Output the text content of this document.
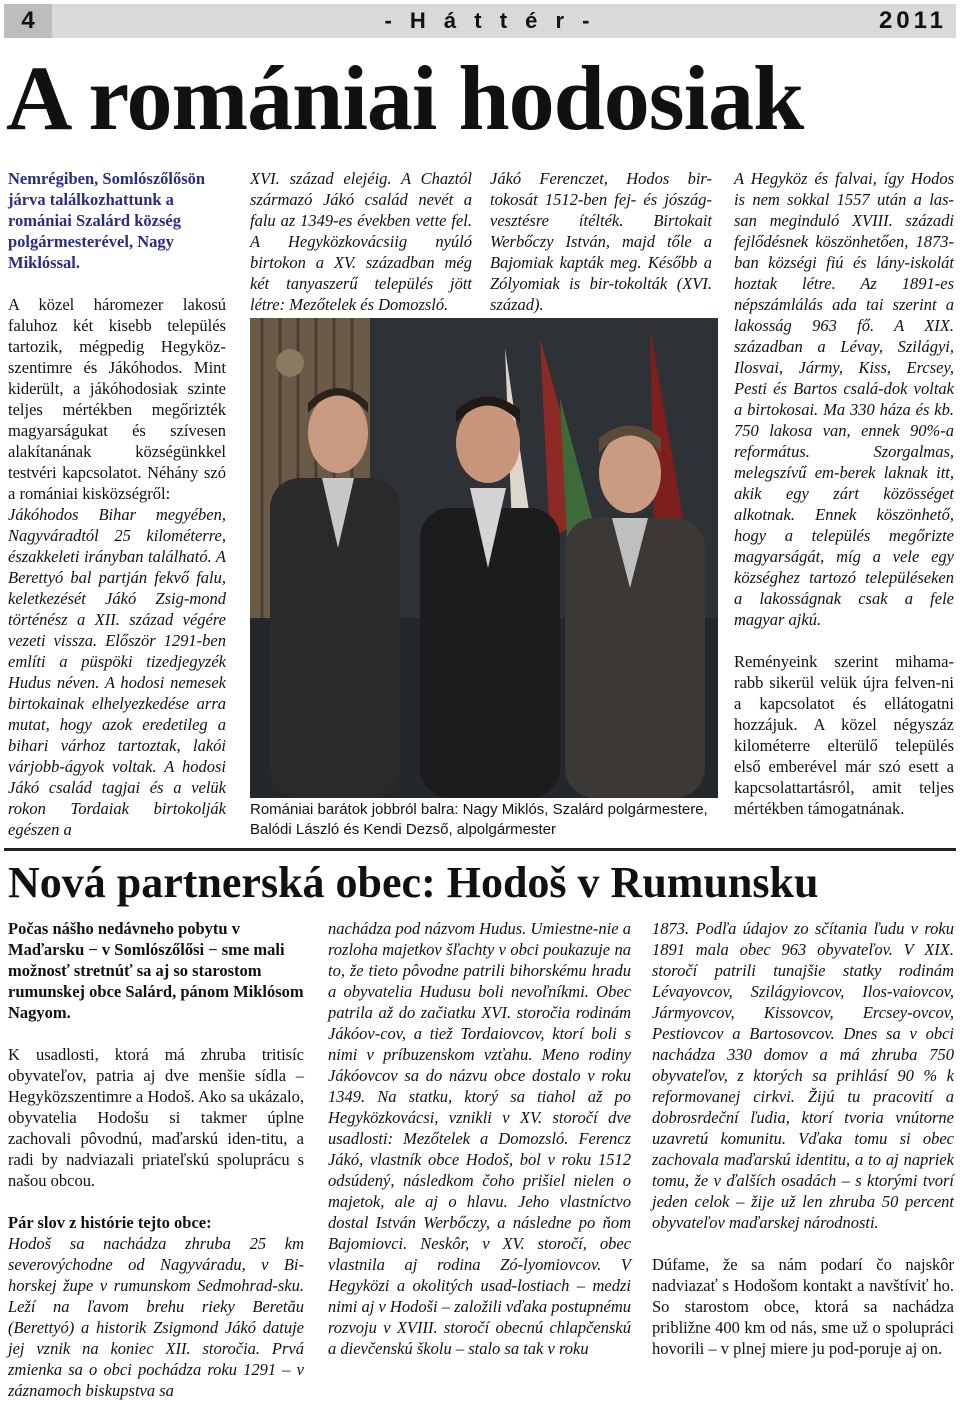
4	- H á t t é r -	2011
A romániai hodosiak

Nemrégiben, Somlószőlősön járva találkozhattunk a romániai Szalárd község polgármesterével, Nagy Miklóssal.

A közel háromezer lakosú faluhoz két kisebb település tartozik, mégpedig Hegyköz-szentimre és Jákóhodos. Mint kiderült, a jákóhodosiak szinte teljes mértékben megőrizték magyarságukat és szívesen alakítanának községünkkel testvéri kapcsolatot. Néhány szó a romániai kisközségről:

Jákóhodos Bihar megyében, Nagyváradtól 25 kilométerre, északkeleti irányban található. A Berettyó bal partján fekvő falu, keletkezését Jákó Zsig-mond történész a XII. század végére vezeti vissza. Először 1291-ben említi a püspöki tizedjegyzék Hudus néven. A hodosi nemesek birtokainak elhelyezkedése arra mutat, hogy azok eredetileg a bihari várhoz tartoztak, lakói várjobb-ágyok voltak. A hodosi Jákó család tagjai és a velük rokon Tordaiak birtokolják egészen a

XVI. század elejéig. A Chaztól származó Jákó család nevét a falu az 1349-es években vette fel. A Hegyközkovácsiig nyúló birtokon a XV. században még két tanyaszerű település jött létre: Mezőtelek és Domozsló.

Jákó Ferenczet, Hodos bir-tokosát 1512-ben fej- és jószág-vesztésre ítélték. Birtokait Werbőczy István, majd tőle a Bajomiak kapták meg. Később a Zólyomiak is bir-tokolták (XVI. század).

A Hegyköz és falvai, így Hodos is nem sokkal 1557 után a las-san meginduló XVIII. századi fejlődésnek köszönhetően, 1873-ban községi fiú és lány-iskolát hoztak létre. Az 1891-es népszámlálás ada tai szerint a lakosság 963 fő. A XIX. században a Lévay, Szilágyi, Ilosvai, Jármy, Kiss, Ercsey, Pesti és Bartos csalá-dok voltak a birtokosai. Ma 330 háza és kb. 750 lakosa van, ennek 90%-a református. Szorgalmas, melegszívű em-berek laknak itt, akik egy zárt közösséget alkotnak. Ennek köszönhető, hogy a település megőrizte magyarságát, míg a vele egy községhez tartozó településeken a lakosságnak csak a fele magyar ajkú.

Reményeink szerint mihama-rabb sikerül velük újra felven-ni a kapcsolatot és ellátogatni hozzájuk. A közel négyszáz kilométerre elterülő település első emberével már szó esett a kapcsolattartásról, amit teljes mértékben támogatnának.

Romániai barátok jobbról balra: Nagy Miklós, Szalárd polgármestere, Balódi László és Kendi Dezső, alpolgármester
Nová partnerská obec: Hodoš v Rumunsku

Počas nášho nedávneho pobytu v Maďarsku − v Somlószőlősi − sme mali možnosť stretnúť sa aj so starostom rumunskej obce Salárd, pánom Miklósom Nagyom.

K usadlosti, ktorá má zhruba tritisíc obyvateľov, patria aj dve menšie sídla – Hegyközszentimre a Hodoš. Ako sa ukázalo, obyvatelia Hodošu si takmer úplne zachovali pôvodnú, maďarskú iden-titu, a radi by nadviazali priateľskú spoluprácu s našou obcou.

Pár slov z histórie tejto obce:

Hodoš sa nachádza zhruba 25 km severovýchodne od Nagyváradu, v Bi-horskej župe v rumunskom Sedmohrad-sku. Leží na ľavom brehu rieky Beretău (Berettyó) a historik Zsigmond Jákó datuje jej vznik na koniec XII. storočia. Prvá zmienka sa o obci pochádza roku 1291 – v záznamoch biskupstva sa

nachádza pod názvom Hudus. Umiestne-nie a rozloha majetkov šľachty v obci poukazuje na to, že tieto pôvodne patrili bihorskému hradu a obyvatelia Hudusu boli nevoľníkmi. Obec patrila až do začiatku XVI. storočia rodinám Jákóov-cov, a tiež Tordaiovcov, ktorí boli s nimi v príbuzenskom vzťahu. Meno rodiny Jákóovcov sa do názvu obce dostalo v roku 1349. Na statku, ktorý sa tiahol až po Hegyközkovácsi, vznikli v XV. storočí dve usadlosti: Mezőtelek a Domozsló. Ferencz Jákó, vlastník obce Hodoš, bol v roku 1512 odsúdený, následkom čoho prišiel nielen o majetok, ale aj o hlavu. Jeho vlastníctvo dostal István Werbőczy, a následne po ňom Bajomiovci. Neskôr, v XV. storočí, obec vlastnila aj rodina Zó-lyomiovcov. V Hegyközi a okolitých usad-lostiach – medzi nimi aj v Hodoši – založili vďaka postupnému rozvoju v XVIII. storočí obecnú chlapčenskú a dievčenskú školu – stalo sa tak v roku

1873. Podľa údajov zo sčítania ľudu v roku 1891 mala obec 963 obyvateľov. V XIX. storočí patrili tunajšie statky rodinám Lévayovcov, Szilágyiovcov, Ilos-vaiovcov, Jármyovcov, Kissovcov, Ercsey-ovcov, Pestiovcov a Bartosovcov. Dnes sa v obci nachádza 330 domov a má zhruba 750 obyvateľov, z ktorých sa prihlásí 90 % k reformovanej cirkvi. Žijú tu pracovití a dobrosrdeční ľudia, ktorí tvoria vnútorne uzavretú komunitu. Vďaka tomu si obec zachovala maďarskú identitu, a to aj napriek tomu, že v ďalších osadách – s ktorými tvorí jeden celok – žije už len zhruba 50 percent obyvateľov maďarskej národnosti.

Dúfame, že sa nám podarí čo najskôr nadviazať s Hodošom kontakt a navštíviť ho. So starostom obce, ktorá sa nachádza približne 400 km od nás, sme už o spolupráci hovorili – v plnej miere ju pod-poruje aj on.
